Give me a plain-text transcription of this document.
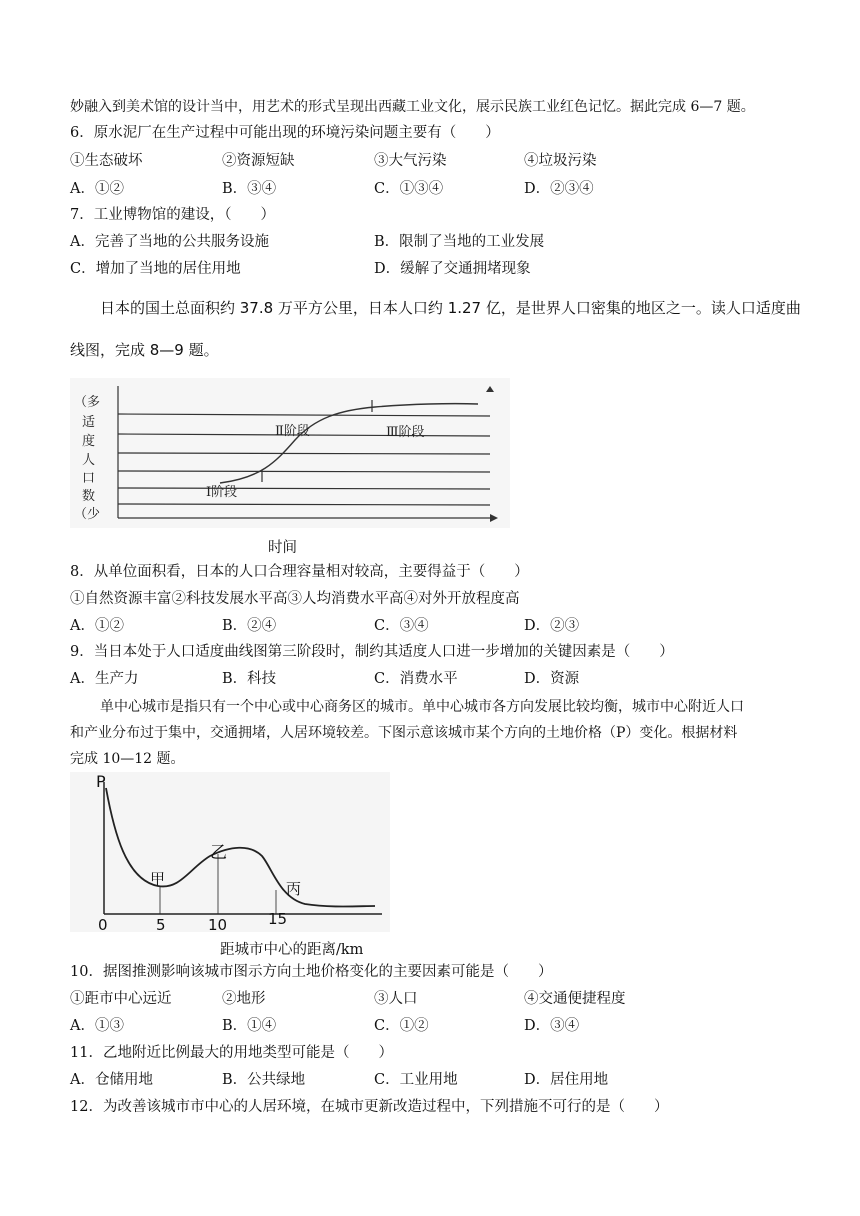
妙融入到美术馆的设计当中，用艺术的形式呈现出西藏工业文化，展示民族工业红色记忆。据此完成 6—7 题。
6．原水泥厂在生产过程中可能出现的环境污染问题主要有（　　）
①生态破坏	②资源短缺	③大气污染	④垃圾污染
A．①②	B．③④	C．①③④	D．②③④
7．工业博物馆的建设，（　　）
A．完善了当地的公共服务设施	B．限制了当地的工业发展
C．增加了当地的居住用地	D．缓解了交通拥堵现象
日本的国土总面积约 37.8 万平方公里，日本人口约 1.27 亿，是世界人口密集的地区之一。读人口适度曲
线图，完成 8—9 题。
（多
适
度
人
口
数
（少
Ⅰ阶段
Ⅱ阶段	Ⅲ阶段
时间
8．从单位面积看，日本的人口合理容量相对较高，主要得益于（　　）
①自然资源丰富②科技发展水平高③人均消费水平高④对外开放程度高
A．①②	B．②④	C．③④	D．②③
9．当日本处于人口适度曲线图第三阶段时，制约其适度人口进一步增加的关键因素是（　　）
A．生产力	B．科技	C．消费水平	D．资源
单中心城市是指只有一个中心或中心商务区的城市。单中心城市各方向发展比较均衡，城市中心附近人口
和产业分布过于集中，交通拥堵，人居环境较差。下图示意该城市某个方向的土地价格（P）变化。根据材料
完成 10—12 题。
P
甲
乙
丙
0	5	10	15
距城市中心的距离/km
10．据图推测影响该城市图示方向土地价格变化的主要因素可能是（　　）
①距市中心远近	②地形	③人口	④交通便捷程度
A．①③	B．①④	C．①②	D．③④
11．乙地附近比例最大的用地类型可能是（　　）
A．仓储用地	B．公共绿地	C．工业用地	D．居住用地
12．为改善该城市市中心的人居环境，在城市更新改造过程中，下列措施不可行的是（　　）
